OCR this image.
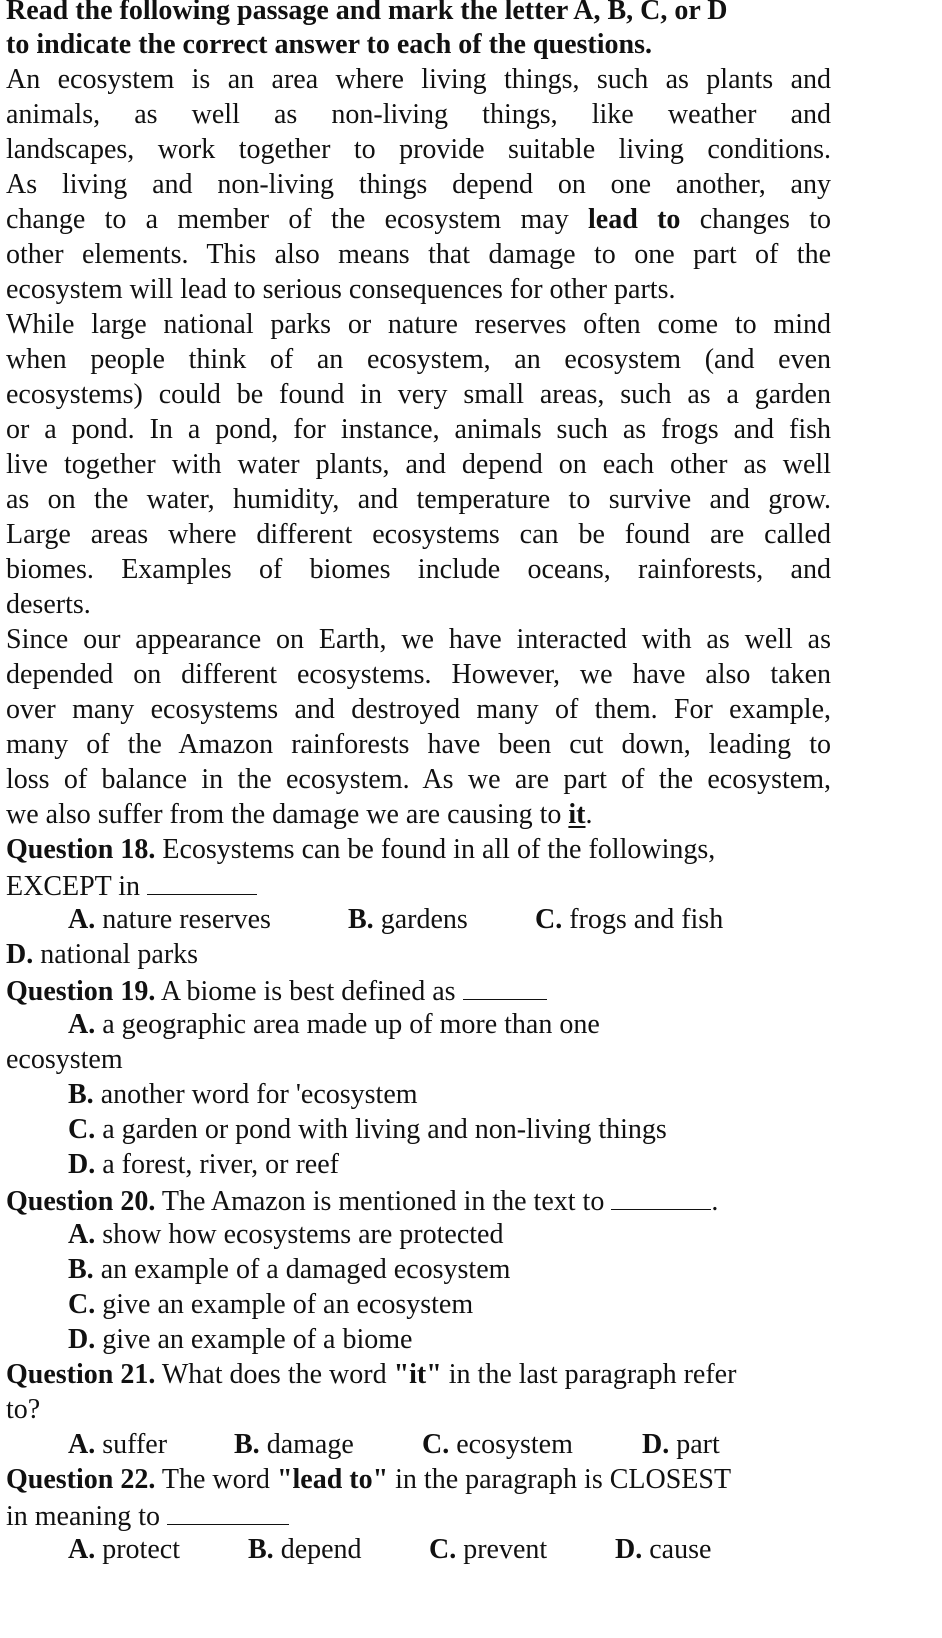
Read the following passage and mark the letter A, B, C, or D
to indicate the correct answer to each of the questions.
An ecosystem is an area where living things, such as plants and
animals, as well as non-living things, like weather and
landscapes, work together to provide suitable living conditions.
As living and non-living things depend on one another, any
change to a member of the ecosystem may lead to changes to
other elements. This also means that damage to one part of the
ecosystem will lead to serious consequences for other parts.
While large national parks or nature reserves often come to mind
when people think of an ecosystem, an ecosystem (and even
ecosystems) could be found in very small areas, such as a garden
or a pond. In a pond, for instance, animals such as frogs and fish
live together with water plants, and depend on each other as well
as on the water, humidity, and temperature to survive and grow.
Large areas where different ecosystems can be found are called
biomes. Examples of biomes include oceans, rainforests, and
deserts.
Since our appearance on Earth, we have interacted with as well as
depended on different ecosystems. However, we have also taken
over many ecosystems and destroyed many of them. For example,
many of the Amazon rainforests have been cut down, leading to
loss of balance in the ecosystem. As we are part of the ecosystem,
we also suffer from the damage we are causing to it.
Question 18. Ecosystems can be found in all of the followings,
EXCEPT in
A. nature reserves	B. gardens C. frogs and fish
D. national parks
Question 19. A biome is best defined as
A. a geographic area made up of more than one
ecosystem
B. another word for 'ecosystem
C. a garden or pond with living and non-living things
D. a forest, river, or reef
Question 20. The Amazon is mentioned in the text to	.
A. show how ecosystems are protected
B. an example of a damaged ecosystem
C. give an example of an ecosystem
D. give an example of a biome
Question 21. What does the word "it" in the last paragraph refer
to?
A. suffer B. damage C. ecosystem D. part
Question 22. The word "lead to" in the paragraph is CLOSEST
in meaning to
A. protect B. depend C. prevent D. cause
